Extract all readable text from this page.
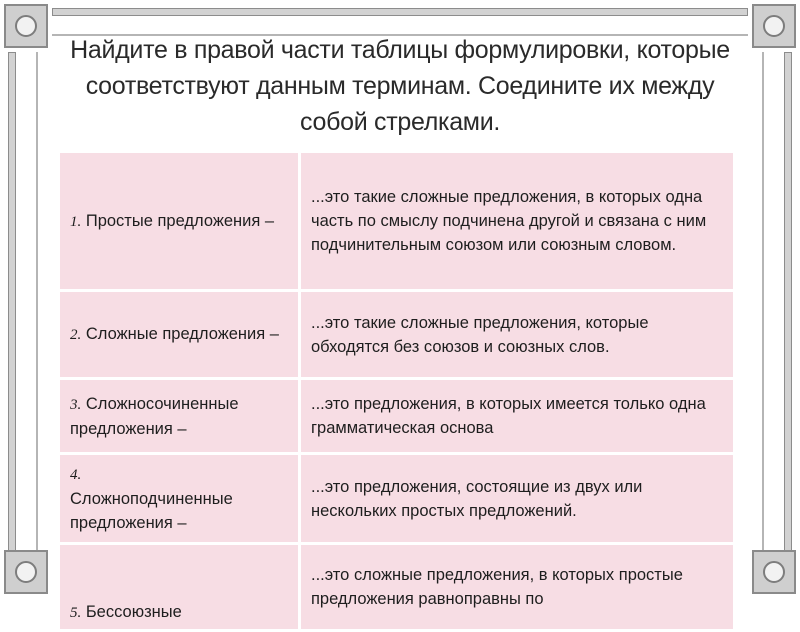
Найдите в правой части таблицы формулировки, которые соответствуют данным терминам. Соедините их между собой стрелками.
1. Простые предложения –	...это такие сложные предложения, в которых одна часть по смыслу подчинена другой и связана с ним подчинительным союзом или союзным словом.
2. Сложные предложения –	...это такие сложные предложения, которые обходятся без союзов и союзных слов.
3. Сложносочиненные предложения –	...это предложения, в которых имеется только одна грамматическая основа
4.
Сложноподчиненные предложения –	...это предложения, состоящие из двух или нескольких простых предложений.
5. Бессоюзные	...это сложные предложения, в которых простые предложения равноправны по
